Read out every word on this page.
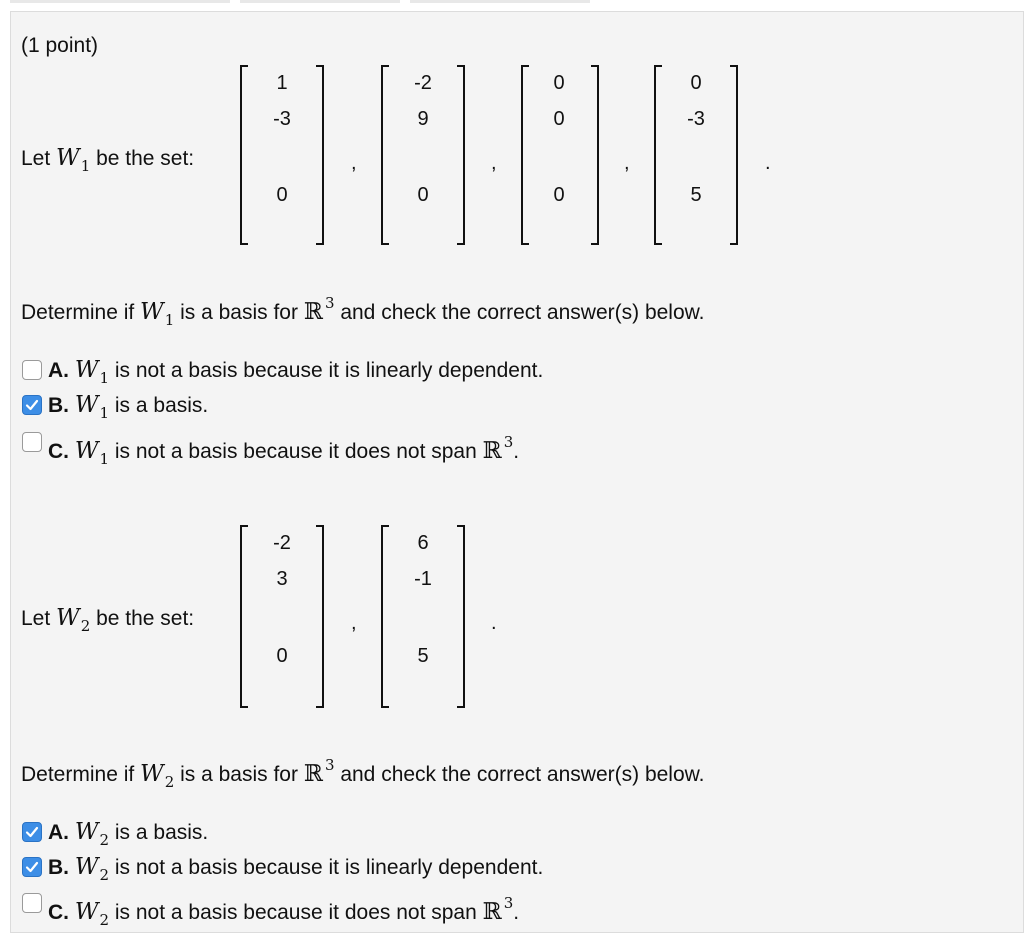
(1 point)
Let $W_1$ be the set:
1
-3
0
,
-2
9
0
,
0
0
0
,
0
-3
5
.
Determine if $W_1$ is a basis for ℝ $^3$ and check the correct answer(s) below.
A. $W_1$ is not a basis because it is linearly dependent.
B. $W_1$ is a basis.
C. $W_1$ is not a basis because it does not span ℝ $^3$.
Let $W_2$ be the set:
-2
3
0
,
6
-1
5
.
Determine if $W_2$ is a basis for ℝ $^3$ and check the correct answer(s) below.
A. $W_2$ is a basis.
B. $W_2$ is not a basis because it is linearly dependent.
C. $W_2$ is not a basis because it does not span ℝ $^3$.
